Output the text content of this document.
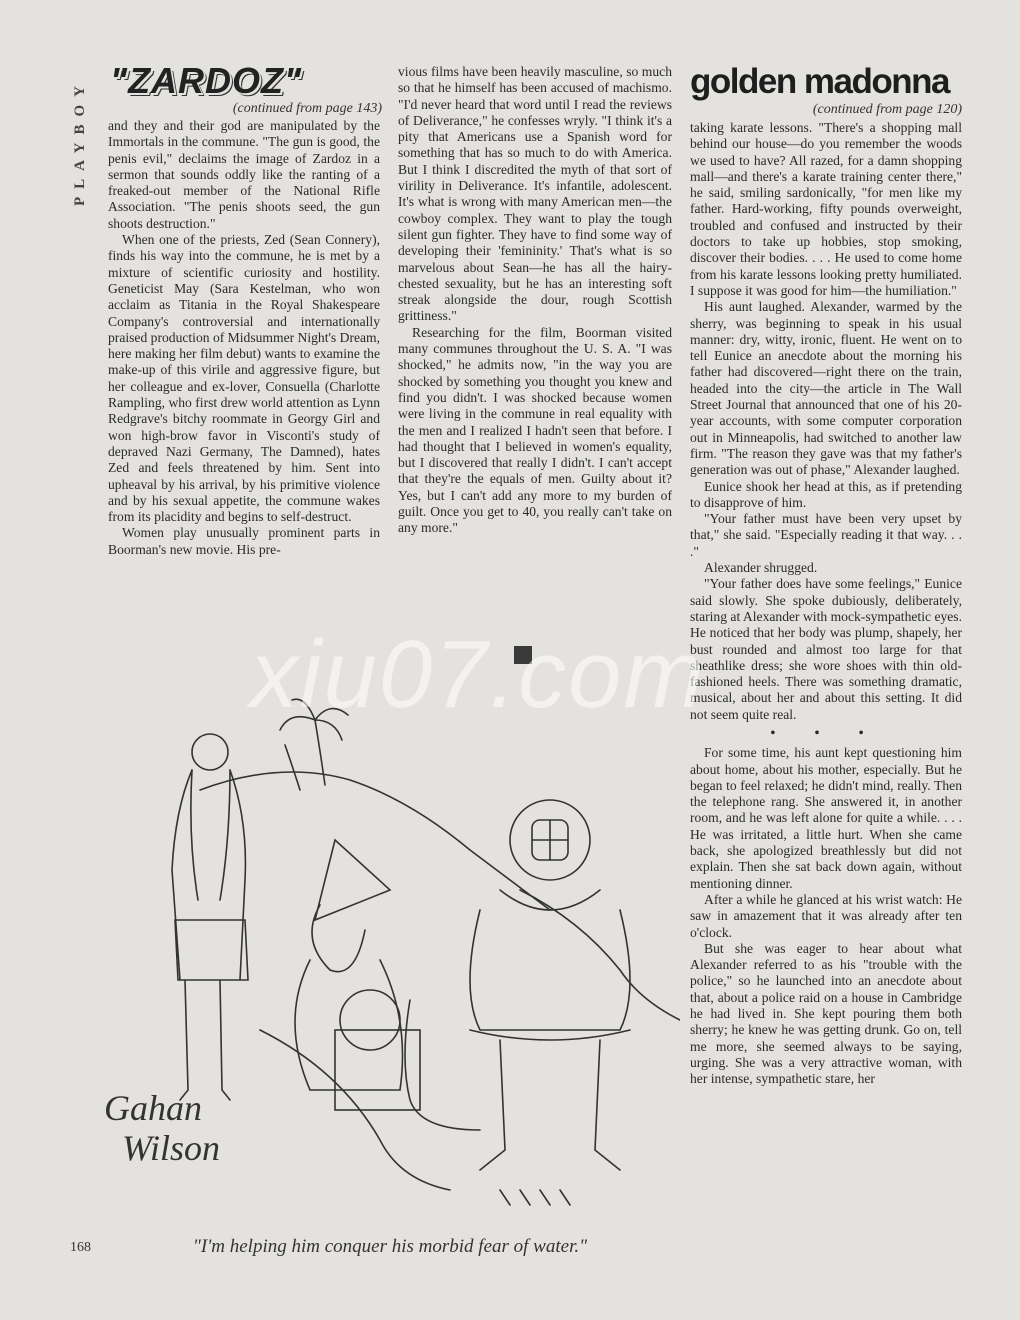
PLAYBOY "ZARDOZ"
(continued from page 143)

and they and their god are manipulated by the Immortals in the commune. "The gun is good, the penis evil," declaims the image of Zardoz in a sermon that sounds oddly like the ranting of a freaked-out member of the National Rifle Association. "The penis shoots seed, the gun shoots destruction."

When one of the priests, Zed (Sean Connery), finds his way into the commune, he is met by a mixture of scientific curiosity and hostility. Geneticist May (Sara Kestelman, who won acclaim as Titania in the Royal Shakespeare Company's controversial and internationally praised production of Midsummer Night's Dream, here making her film debut) wants to examine the make-up of this virile and aggressive figure, but her colleague and ex-lover, Consuella (Charlotte Rampling, who first drew world attention as Lynn Redgrave's bitchy roommate in Georgy Girl and won high-brow favor in Visconti's study of depraved Nazi Germany, The Damned), hates Zed and feels threatened by him. Sent into upheaval by his arrival, by his primitive violence and by his sexual appetite, the commune wakes from its placidity and begins to self-destruct.

Women play unusually prominent parts in Boorman's new movie. His pre-

vious films have been heavily masculine, so much so that he himself has been accused of machismo. "I'd never heard that word until I read the reviews of Deliverance," he confesses wryly. "I think it's a pity that Americans use a Spanish word for something that has so much to do with America. But I think I discredited the myth of that sort of virility in Deliverance. It's infantile, adolescent. It's what is wrong with many American men—the cowboy complex. They want to play the tough silent gun fighter. They have to find some way of developing their 'femininity.' That's what is so marvelous about Sean—he has all the hairy-chested sexuality, but he has an interesting soft streak alongside the dour, rough Scottish grittiness."

Researching for the film, Boorman visited many communes throughout the U. S. A. "I was shocked," he admits now, "in the way you are shocked by something you thought you knew and find you didn't. I was shocked because women were living in the commune in real equality with the men and I realized I hadn't seen that before. I had thought that I believed in women's equality, but I discovered that really I didn't. I can't accept that they're the equals of men. Guilty about it? Yes, but I can't add any more to my burden of guilt. Once you get to 40, you really can't take on any more."

golden madonna
(continued from page 120)

taking karate lessons. "There's a shopping mall behind our house—do you remember the woods we used to have? All razed, for a damn shopping mall—and there's a karate training center there," he said, smiling sardonically, "for men like my father. Hard-working, fifty pounds overweight, troubled and confused and instructed by their doctors to take up hobbies, stop smoking, discover their bodies. . . . He used to come home from his karate lessons looking pretty humiliated. I suppose it was good for him—the humiliation."

His aunt laughed. Alexander, warmed by the sherry, was beginning to speak in his usual manner: dry, witty, ironic, fluent. He went on to tell Eunice an anecdote about the morning his father had discovered—right there on the train, headed into the city—the article in The Wall Street Journal that announced that one of his 20-year accounts, with some computer corporation out in Minneapolis, had switched to another law firm. "The reason they gave was that my father's generation was out of phase," Alexander laughed.

Eunice shook her head at this, as if pretending to disapprove of him.

"Your father must have been very upset by that," she said. "Especially reading it that way. . . ."

Alexander shrugged.

"Your father does have some feelings," Eunice said slowly. She spoke dubiously, deliberately, staring at Alexander with mock-sympathetic eyes. He noticed that her body was plump, shapely, her bust rounded and almost too large for that sheathlike dress; she wore shoes with thin old-fashioned heels. There was something dramatic, musical, about her and about this setting. It did not seem quite real.

• • •

For some time, his aunt kept questioning him about home, about his mother, especially. But he began to feel relaxed; he didn't mind, really. Then the telephone rang. She answered it, in another room, and he was left alone for quite a while. . . . He was irritated, a little hurt. When she came back, she apologized breathlessly but did not explain. Then she sat back down again, without mentioning dinner.

After a while he glanced at his wrist watch: He saw in amazement that it was already after ten o'clock.

But she was eager to hear about what Alexander referred to as his "trouble with the police," so he launched into an anecdote about that, about a police raid on a house in Cambridge he had lived in. She kept pouring them both sherry; he knew he was getting drunk. Go on, tell me more, she seemed always to be saying, urging. She was a very attractive woman, with her intense, sympathetic stare, her

Gahan
Wilson
"I'm helping him conquer his morbid fear of water."
168
xiu07.com
